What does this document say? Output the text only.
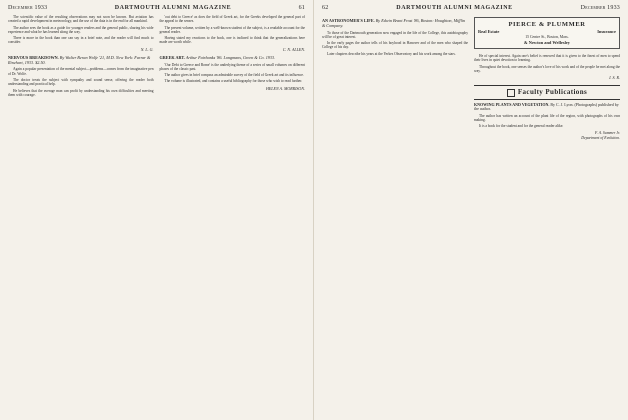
December 1933	DARTMOUTH ALUMNI MAGAZINE	61

The scientific value of the resulting observations may not soon be known. But aviation has created a rapid development in meteorology, and the use of the data is in the end for all mankind.

The author sees the book as a guide for younger readers and the general public, sharing his wide experience and what he has learned along the way.

There is more in the book than one can say in a brief note, and the reader will find much to consider.

N. L. G.
NERVOUS BREAKDOWN. By Walter Beran Wolfe '21, M.D. New York: Farrar & Rinehart, 1933. $2.50.

Again a popular presentation of the mental subject—problems—comes from the imaginative pen of Dr. Wolfe.

The doctor treats the subject with sympathy and sound sense, offering the reader both understanding and practical help.

He believes that the average man can profit by understanding his own difficulties and meeting them with courage.

'out debt to Greece' as does the field of Greek art, for the Greeks developed the general part of the appeal to the senses.

The present volume, written by a well-known student of the subject, is a readable account for the general reader.

Having stated my reactions to the book, one is inclined to think that the generalizations here made are worth while.

C. N. ALLEN.
GREEK ART. Arthur Fairbanks '86. Longmans, Green & Co. 1933.

'Our Debt to Greece and Rome' is the underlying theme of a series of small volumes on different phases of the classic past.

The author gives in brief compass an admirable survey of the field of Greek art and its influence.

The volume is illustrated, and contains a useful bibliography for those who wish to read further.

HELEN A. MORRISON.
62	DARTMOUTH ALUMNI MAGAZINE	December 1933
AN ASTRONOMER'S LIFE. By Edwin Brant Frost '86, Boston: Houghton, Mifflin & Company.

To those of the Dartmouth generation now engaged in the life of the College, this autobiography will be of great interest.

In the early pages the author tells of his boyhood in Hanover and of the men who shaped the College of his day.

Later chapters describe his years at the Yerkes Observatory and his work among the stars.

PIERCE & PLUMMER
Real Estate	Insurance
15 Centre St., Boston, Mass.
& Newton and Wellesley

He of special interest. Again one's belief is renewed that it is given to the finest of men to spend their lives in quiet devotion to learning.

Throughout the book, one senses the author's love of his work and of the people he met along the way.

I. S. R.
Faculty Publications
KNOWING PLANTS AND VEGETATION. By C. J. Lyon. (Photographs) published by the author.

The author has written an account of the plant life of the region, with photographs of his own making.

It is a book for the student and for the general reader alike.

F. A. Summer Jr.
Department of Evolution.
